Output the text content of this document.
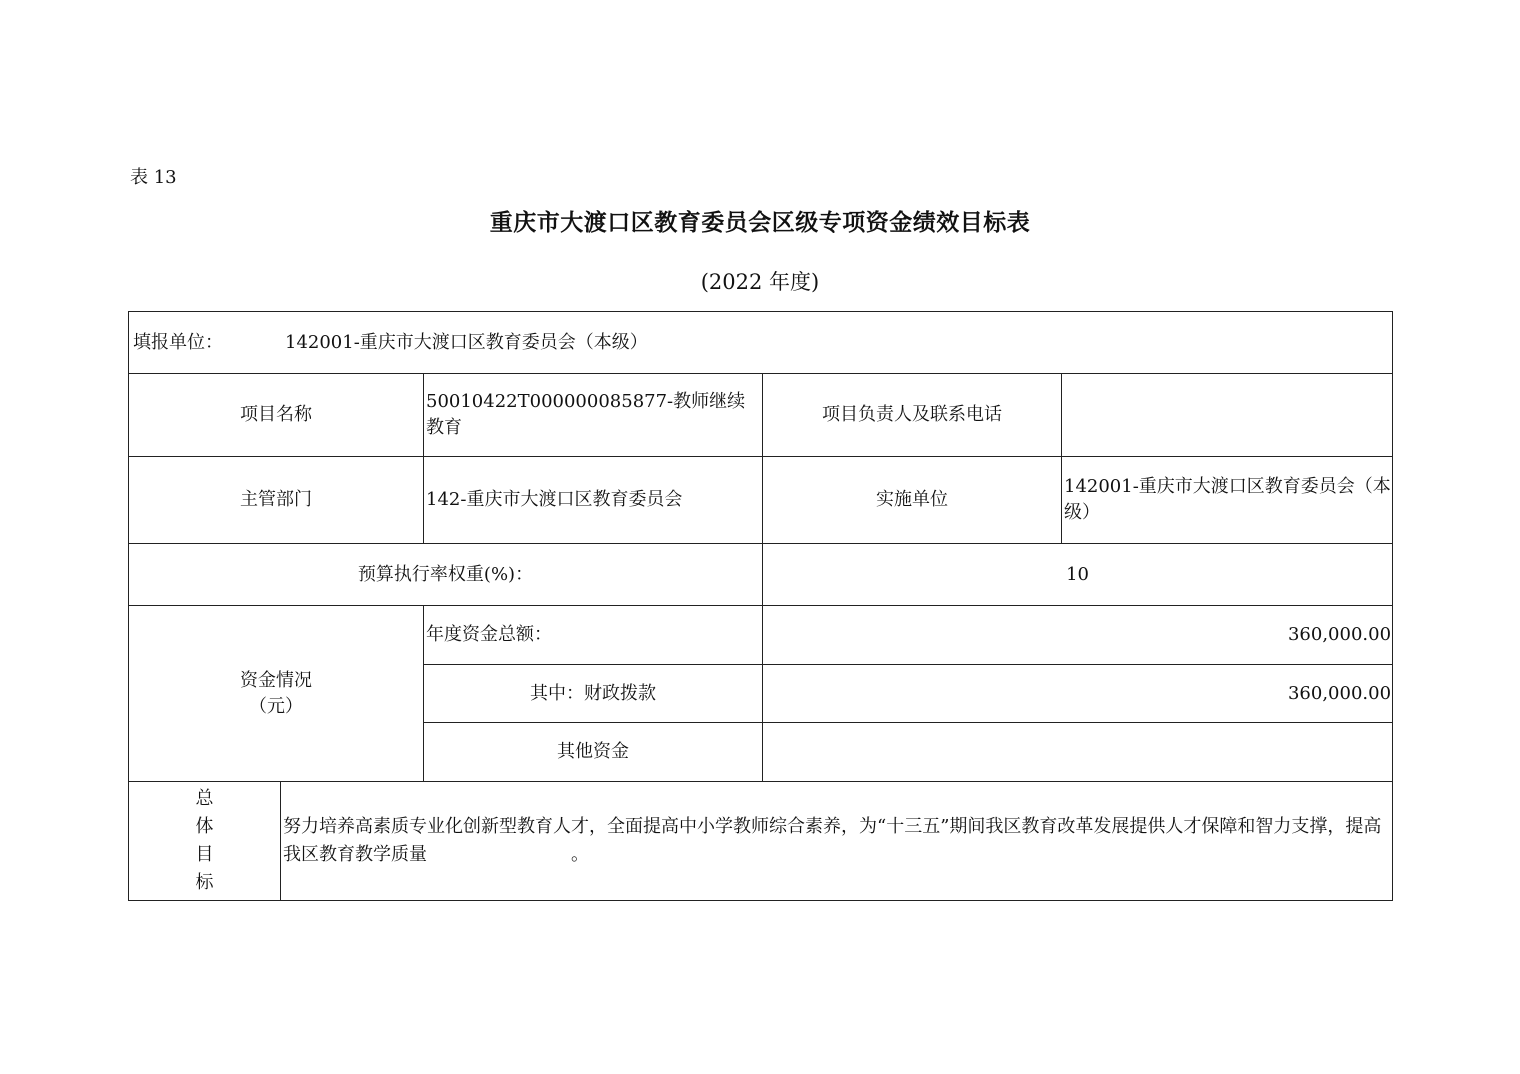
表 13
重庆市大渡口区教育委员会区级专项资金绩效目标表
(2022 年度)
填报单位： 142001-重庆市大渡口区教育委员会（本级）				
项目名称		50010422T000000085877-教师继续教育	项目负责人及联系电话	
主管部门		142-重庆市大渡口区教育委员会	实施单位	142001-重庆市大渡口区教育委员会（本级）
预算执行率权重(%)：			10	

资金情况
（元）		年度资金总额：	360,000.00	
		其中：财政拨款	360,000.00	
		其他资金		

总
体
目
标	努力培养高素质专业化创新型教育人才，全面提高中小学教师综合素养，为“十三五”期间我区教育改革发展提供人才保障和智力支撑，提高我区教育教学质量　　　　　　　　。			
